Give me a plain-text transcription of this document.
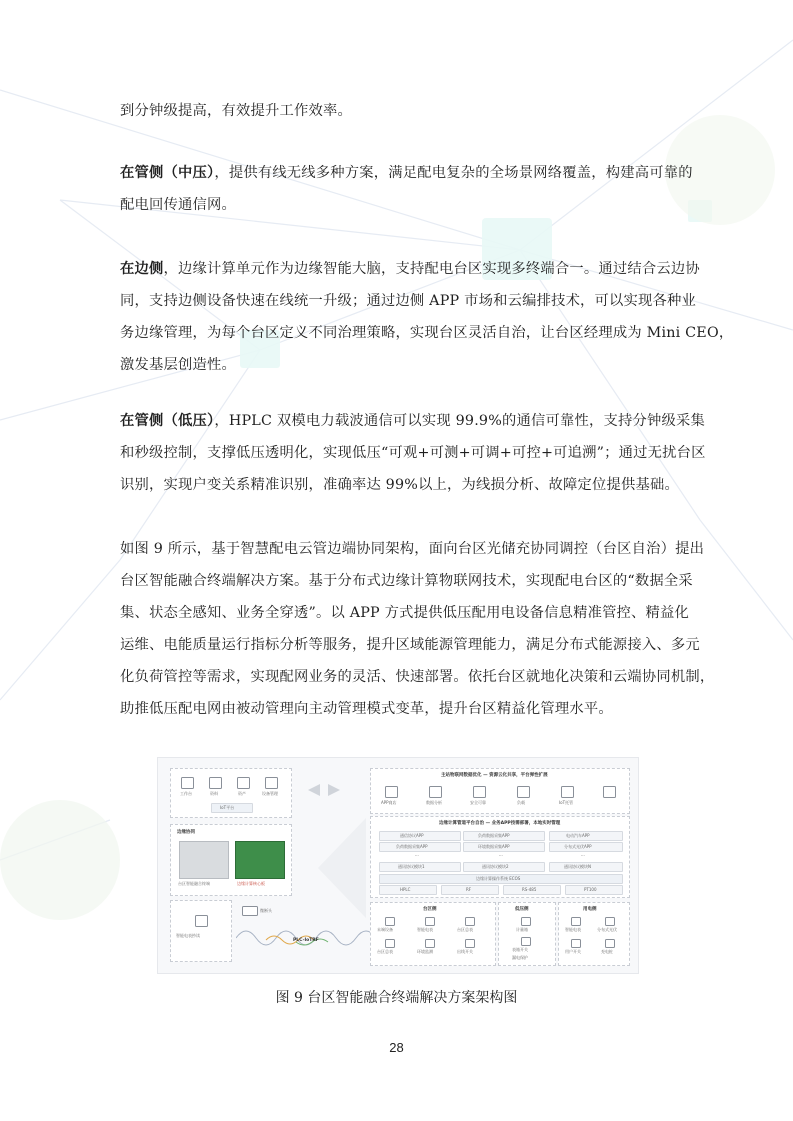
到分钟级提高，有效提升工作效率。

在管侧（中压），提供有线无线多种方案，满足配电复杂的全场景网络覆盖，构建高可靠的
配电回传通信网。

在边侧，边缘计算单元作为边缘智能大脑，支持配电台区实现多终端合一。通过结合云边协
同，支持边侧设备快速在线统一升级；通过边侧 APP 市场和云编排技术，可以实现各种业
务边缘管理，为每个台区定义不同治理策略，实现台区灵活自治，让台区经理成为 Mini CEO，
激发基层创造性。

在管侧（低压），HPLC 双模电力载波通信可以实现 99.9%的通信可靠性，支持分钟级采集
和秒级控制，支撑低压透明化，实现低压“可观+可测+可调+可控+可追溯”；通过无扰台区
识别，实现户变关系精准识别，准确率达 99%以上，为线损分析、故障定位提供基础。

如图 9 所示，基于智慧配电云管边端协同架构，面向台区光储充协同调控（台区自治）提出
台区智能融合终端解决方案。基于分布式边缘计算物联网技术，实现配电台区的“数据全采
集、状态全感知、业务全穿透”。以 APP 方式提供低压配用电设备信息精准管控、精益化
运维、电能质量运行指标分析等服务，提升区域能源管理能力，满足分布式能源接入、多元
化负荷管控等需求，实现配网业务的灵活、快速部署。依托台区就地化决策和云端协同机制，
助推低压配电网由被动管理向主动管理模式变革，提升台区精益化管理水平。

工作台	资料	资产	设备管理
IoT平台
边缘协同
台区智能融合终端	边缘计算核心板
智能电表抄读
微断头
PLC-IoTRF
主站物联网数据优化 — 资源云化共享，平台弹性扩展
APP商店	数据分析	安全可靠	负载	IoT托管
边缘计算管道平台自治 — 业务APP按需部署，本地实时管理
通信协议APP
负荷数据采集APP
···
通讯协议模块1
负荷数据采集APP
环境数据采集APP
···
通讯协议模块2
电动汽车APP
分布式光伏APP
···
通讯协议模块N
边缘计算操作系统 ECOS
HPLC	RF	RS-485	PT100
台区侧
末端设备	智能电表	台区总表
台区总表	环境监测	出线开关
低压侧
计量箱
表箱开关
漏电保护
用电侧
智能电表	分布式光伏
用户开关	充电桩
图 9 台区智能融合终端解决方案架构图
28
